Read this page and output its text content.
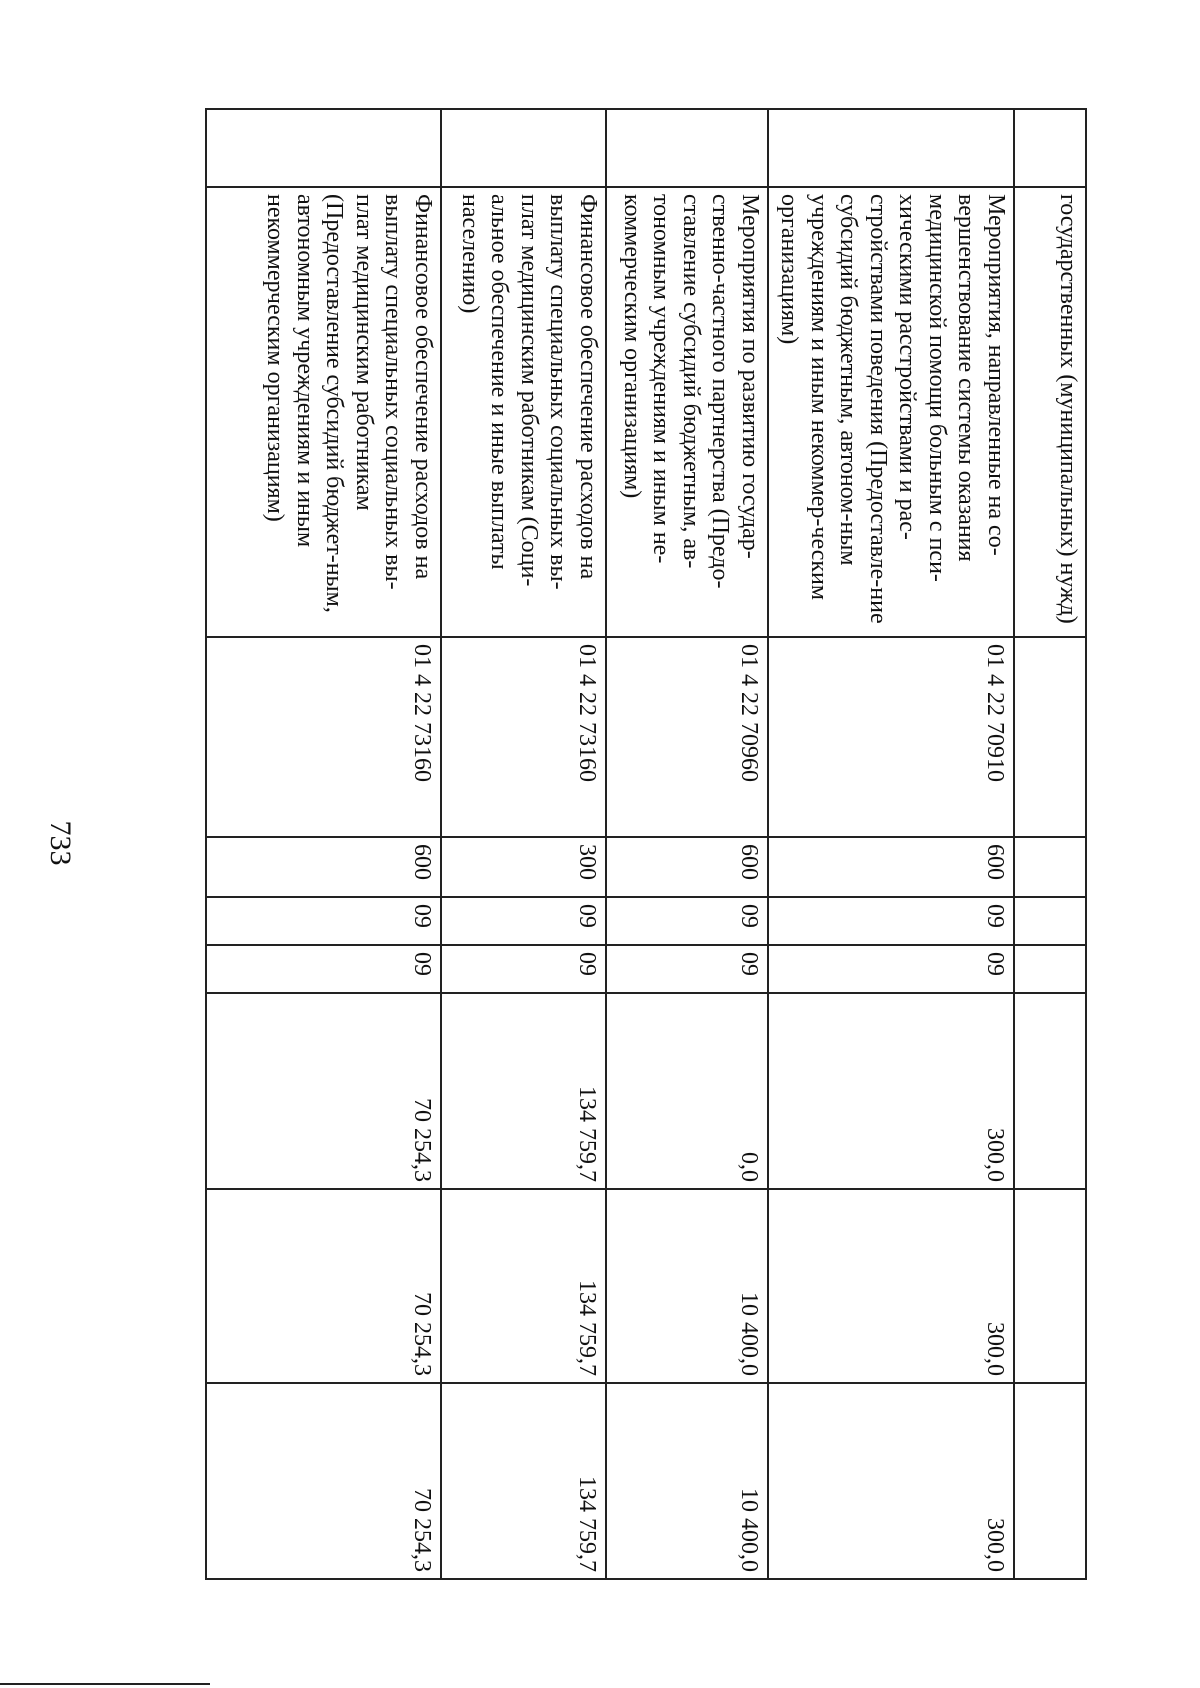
733
	государственных (муниципальных) нужд)							
	Мероприятия, направленные на со-вершенствование системы оказания медицинской помощи больным с пси-хическими расстройствами и рас-стройствами поведения (Предоставле-ние субсидий бюджетным, автоном-ным учреждениям и иным некоммер-ческим организациям)	01 4 22 70910	600	09	09	300,0	300,0	300,0
	Мероприятия по развитию государ-ственно-частного партнерства (Предо-ставление субсидий бюджетным, ав-тономным учреждениям и иным не-коммерческим организациям)	01 4 22 70960	600	09	09	0,0	10 400,0	10 400,0
	Финансовое обеспечение расходов на выплату специальных социальных вы-плат медицинским работникам (Соци-альное обеспечение и иные выплаты населению)	01 4 22 73160	300	09	09	134 759,7	134 759,7	134 759,7
	Финансовое обеспечение расходов на выплату специальных социальных вы-плат медицинским работникам (Предоставление субсидий бюджет-ным, автономным учреждениям и иным некоммерческим организациям)	01 4 22 73160	600	09	09	70 254,3	70 254,3	70 254,3
